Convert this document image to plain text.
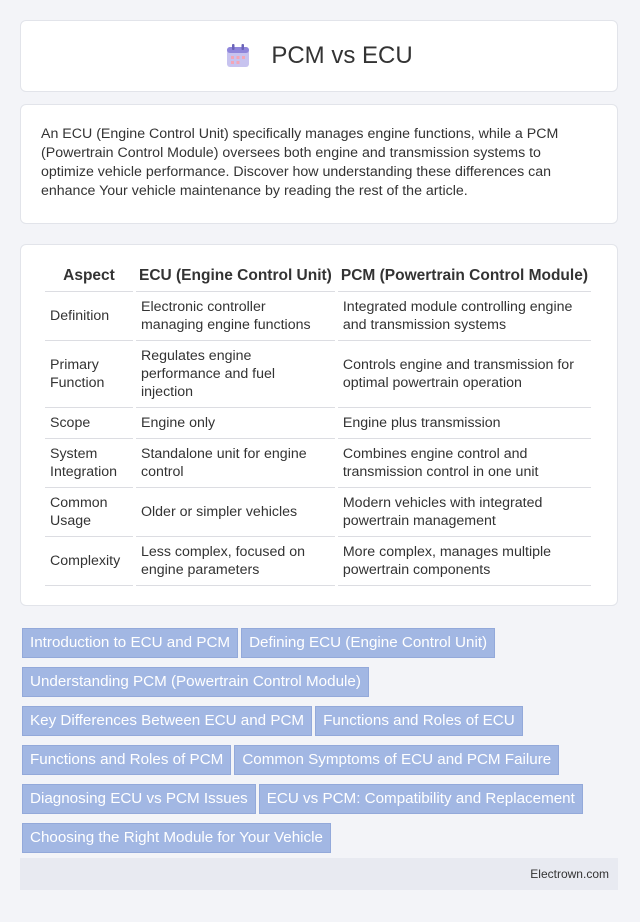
PCM vs ECU

An ECU (Engine Control Unit) specifically manages engine functions, while a PCM (Powertrain Control Module) oversees both engine and transmission systems to optimize vehicle performance. Discover how understanding these differences can enhance Your vehicle maintenance by reading the rest of the article.

Aspect	ECU (Engine Control Unit)	PCM (Powertrain Control Module)
Definition	Electronic controller managing engine functions	Integrated module controlling engine and transmission systems
Primary Function	Regulates engine performance and fuel injection	Controls engine and transmission for optimal powertrain operation
Scope	Engine only	Engine plus transmission
System Integration	Standalone unit for engine control	Combines engine control and transmission control in one unit
Common Usage	Older or simpler vehicles	Modern vehicles with integrated powertrain management
Complexity	Less complex, focused on engine parameters	More complex, manages multiple powertrain components
Introduction to ECU and PCM Defining ECU (Engine Control Unit)
Understanding PCM (Powertrain Control Module)
Key Differences Between ECU and PCM Functions and Roles of ECU
Functions and Roles of PCM Common Symptoms of ECU and PCM Failure
Diagnosing ECU vs PCM Issues ECU vs PCM: Compatibility and Replacement
Choosing the Right Module for Your Vehicle
Electrown.com
